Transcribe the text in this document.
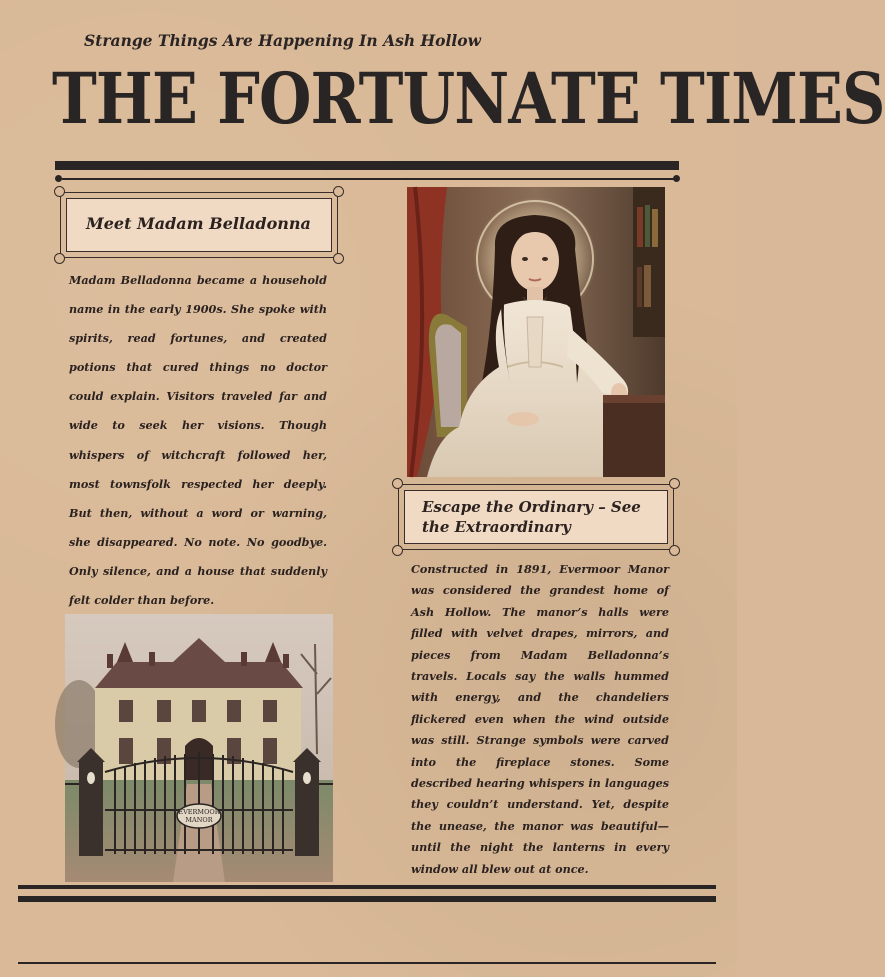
Strange Things Are Happening In Ash Hollow
THE FORTUNATE TIMES
Meet Madam Belladonna
Madam Belladonna became a household name in the early 1900s. She spoke with spirits, read fortunes, and created potions that cured things no doctor could explain. Visitors traveled far and wide to seek her visions. Though whispers of witchcraft followed her, most townsfolk respected her deeply. But then, without a word or warning, she disappeared. No note. No goodbye. Only silence, and a house that suddenly felt colder than before.
Escape the Ordinary – See the Extraordinary
Constructed in 1891, Evermoor Manor was considered the grandest home of Ash Hollow. The manor’s halls were filled with velvet drapes, mirrors, and pieces from Madam Belladonna’s travels. Locals say the walls hummed with energy, and the chandeliers flickered even when the wind outside was still. Strange symbols were carved into the fireplace stones. Some described hearing whispers in languages they couldn’t understand. Yet, despite the unease, the manor was beautiful—until the night the lanterns in every window all blew out at once.
EVERMOOR
MANOR
